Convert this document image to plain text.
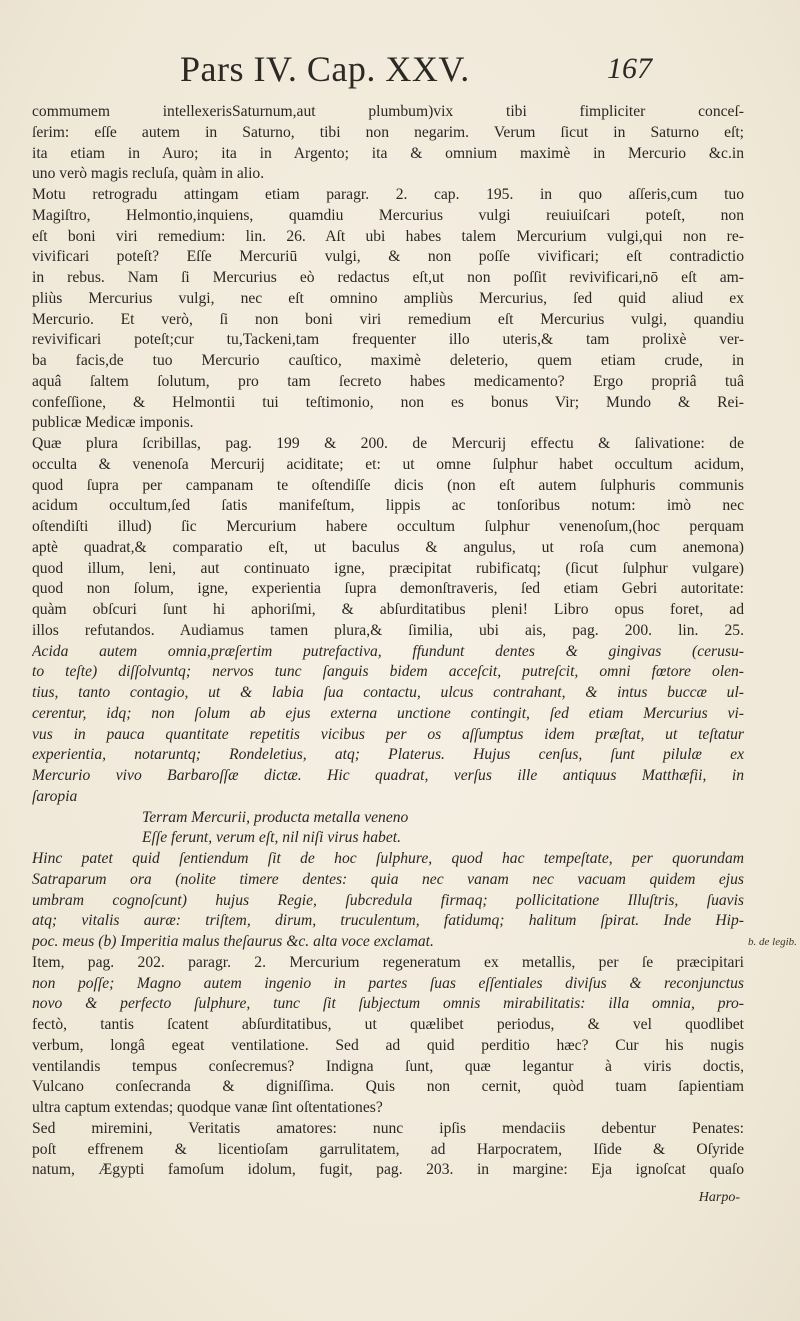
Pars IV. Cap. XXV.	167
commumem intellexerisSaturnum,aut plumbum)vix tibi fimpliciter conceſ-
ſerim: eſſe autem in Saturno, tibi non negarim. Verum ſicut in Saturno eſt;
ita etiam in Auro; ita in Argento; ita & omnium maximè in Mercurio &c.in
uno verò magis recluſa, quàm in alio.
Motu retrogradu attingam etiam paragr. 2. cap. 195. in quo aſſeris,cum tuo
Magiſtro, Helmontio,inquiens, quamdiu Mercurius vulgi reuiuiſcari poteſt, non
eſt boni viri remedium: lin. 26. Aſt ubi habes talem Mercurium vulgi,qui non re-
vivificari poteſt? Eſſe Mercuriū vulgi, & non poſſe vivificari; eſt contradictio
in rebus. Nam ſi Mercurius eò redactus eſt,ut non poſſit revivificari,nō eſt am-
pliùs Mercurius vulgi, nec eſt omnino ampliùs Mercurius, ſed quid aliud ex
Mercurio. Et verò, ſi non boni viri remedium eſt Mercurius vulgi, quandiu
revivificari poteſt;cur tu,Tackeni,tam frequenter illo uteris,& tam prolixè ver-
ba facis,de tuo Mercurio cauſtico, maximè deleterio, quem etiam crude, in
aquâ ſaltem ſolutum, pro tam ſecreto habes medicamento? Ergo propriâ tuâ
confeſſione, & Helmontii tui teſtimonio, non es bonus Vir; Mundo & Rei-
publicæ Medicæ imponis.
Quæ plura ſcribillas, pag. 199 & 200. de Mercurij effectu & ſalivatione: de
occulta & venenoſa Mercurij aciditate; et: ut omne ſulphur habet occultum acidum,
quod ſupra per campanam te oſtendiſſe dicis (non eſt autem ſulphuris communis
acidum occultum,ſed ſatis manifeſtum, lippis ac tonſoribus notum: imò nec
oſtendiſti illud) ſic Mercurium habere occultum ſulphur venenoſum,(hoc perquam
aptè quadrat,& comparatio eſt, ut baculus & angulus, ut roſa cum anemona)
quod illum, leni, aut continuato igne, præcipitat rubificatq; (ſicut ſulphur vulgare)
quod non ſolum, igne, experientia ſupra demonſtraveris, ſed etiam Gebri autoritate:
quàm obſcuri ſunt hi aphoriſmi, & abſurditatibus pleni! Libro opus foret, ad
illos refutandos. Audiamus tamen plura,& ſimilia, ubi ais, pag. 200. lin. 25.
Acida autem omnia,præſertim putrefactiva, ffundunt dentes & gingivas (cerusu-
to teſte) diſſolvuntq; nervos tunc ſanguis bidem acceſcit, putreſcit, omni fœtore olen-
tius, tanto contagio, ut & labia ſua contactu, ulcus contrahant, & intus buccæ ul-
cerentur, idq; non ſolum ab ejus externa unctione contingit, ſed etiam Mercurius vi-
vus in pauca quantitate repetitis vicibus per os aſſumptus idem præſtat, ut teſtatur
experientia, notaruntq; Rondeletius, atq; Platerus. Hujus cenſus, ſunt pilulæ ex
Mercurio vivo Barbaroſſæ dictæ. Hic quadrat, verſus ille antiquus Matthæfii, in
ſaropia
Terram Mercurii, producta metalla veneno
Eſſe ferunt, verum eſt, nil niſi virus habet.
Hinc patet quid ſentiendum ſit de hoc ſulphure, quod hac tempeſtate, per quorundam
Satraparum ora (nolite timere dentes: quia nec vanam nec vacuam quidem ejus
umbram cognoſcunt) hujus Regie, ſubcredula firmaq; pollicitatione Illuſtris, ſuavis
atq; vitalis auræ: triſtem, dirum, truculentum, fatidumq; halitum ſpirat. Inde Hip-
poc. meus (b) Imperitia malus theſaurus &c. alta voce exclamat.
Item, pag. 202. paragr. 2. Mercurium regeneratum ex metallis, per ſe præcipitari
non poſſe; Magno autem ingenio in partes ſuas eſſentiales diviſus & reconjunctus
novo & perfecto ſulphure, tunc ſit ſubjectum omnis mirabilitatis: illa omnia, pro-
fectò, tantis ſcatent abſurditatibus, ut quælibet periodus, & vel quodlibet
verbum, longâ egeat ventilatione. Sed ad quid perditio hæc? Cur his nugis
ventilandis tempus conſecremus? Indigna ſunt, quæ legantur à viris doctis,
Vulcano conſecranda & digniſſima. Quis non cernit, quòd tuam ſapientiam
ultra captum extendas; quodque vanæ ſint oſtentationes?
Sed miremini, Veritatis amatores: nunc ipſis mendaciis debentur Penates:
poſt effrenem & licentioſam garrulitatem, ad Harpocratem, Iſide & Oſyride
natum, Ægypti famoſum idolum, fugit, pag. 203. in margine: Eja ignoſcat quaſo
b. de legib.
Harpo-
